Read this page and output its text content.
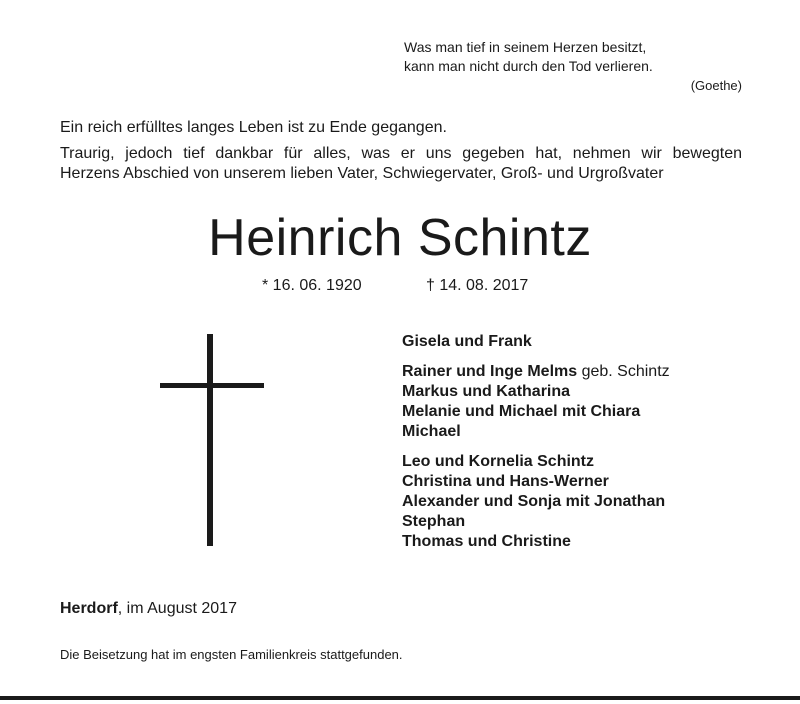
Was man tief in seinem Herzen besitzt,
kann man nicht durch den Tod verlieren.
(Goethe)

Ein reich erfülltes langes Leben ist zu Ende gegangen.

Traurig, jedoch tief dankbar für alles, was er uns gegeben hat, nehmen wir bewegten
Herzens Abschied von unserem lieben Vater, Schwiegervater, Groß- und Urgroßvater

Heinrich Schintz
* 16. 06. 1920	† 14. 08. 2017
Gisela und Frank
Rainer und Inge Melms geb. Schintz
Markus und Katharina
Melanie und Michael mit Chiara
Michael
Leo und Kornelia Schintz
Christina und Hans-Werner
Alexander und Sonja mit Jonathan
Stephan
Thomas und Christine
Herdorf, im August 2017
Die Beisetzung hat im engsten Familienkreis stattgefunden.
